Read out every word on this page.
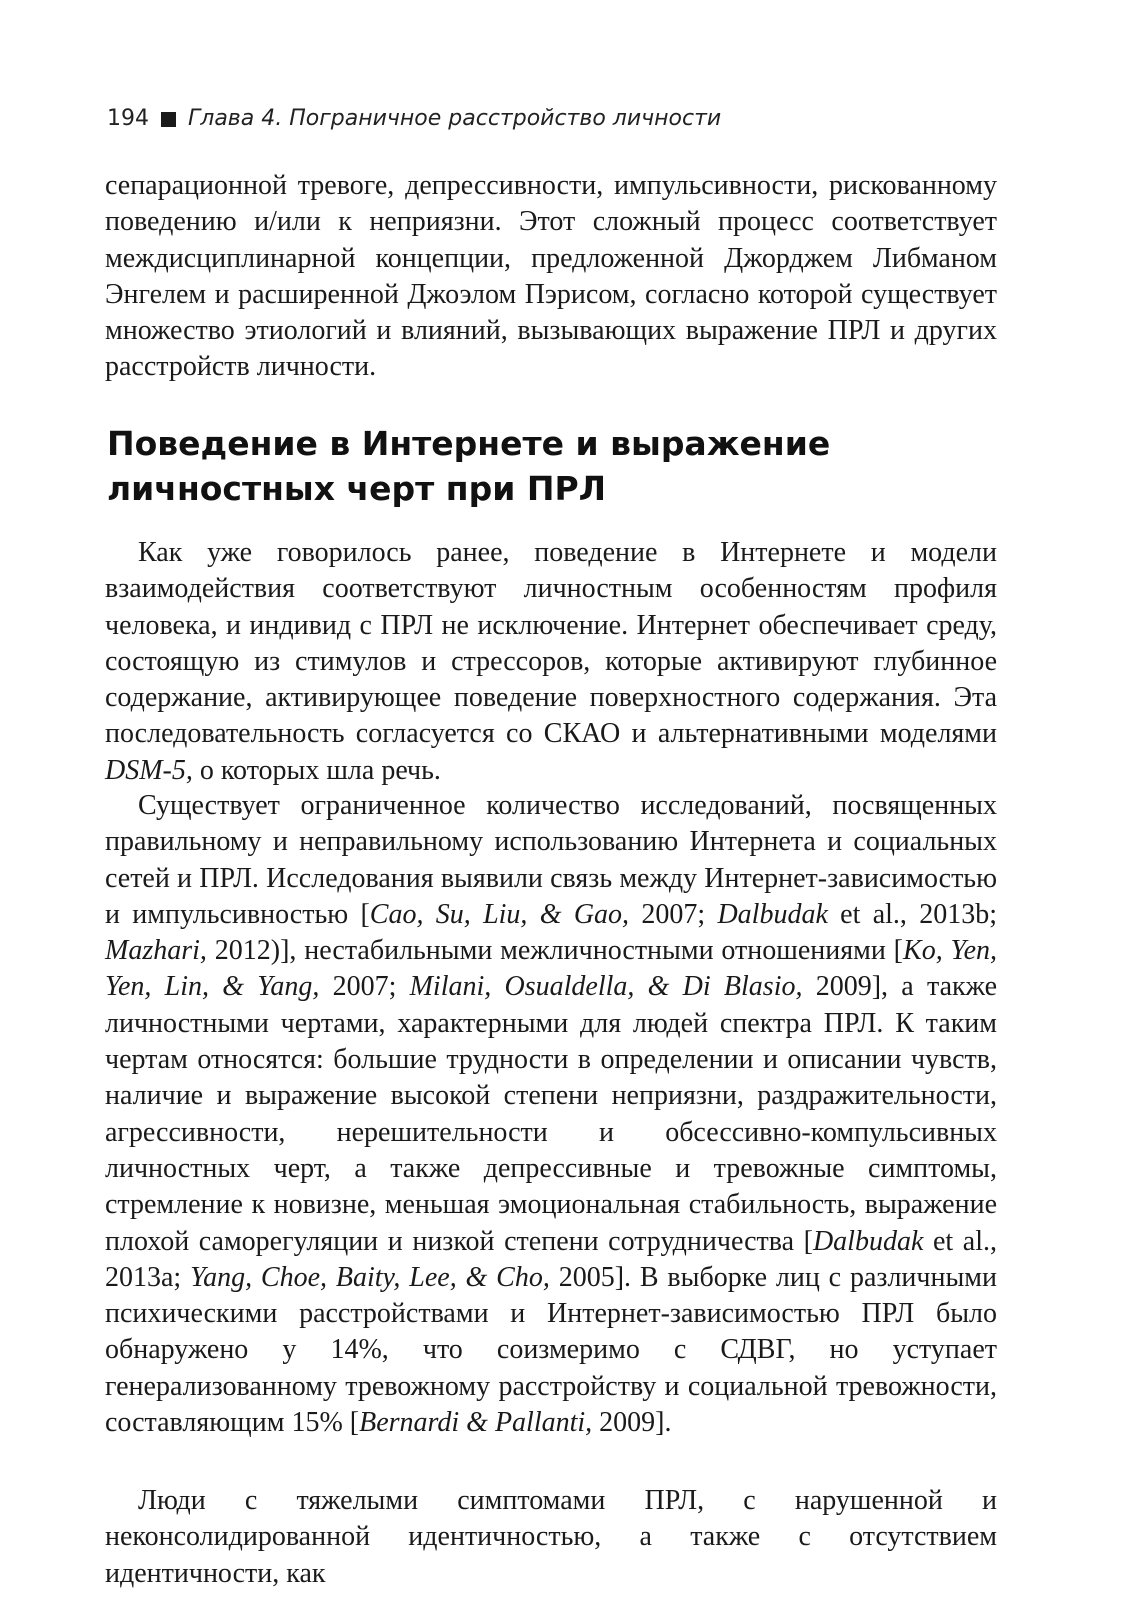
194 Глава 4. Пограничное расстройство личности

сепарационной тревоге, депрессивности, импульсивности, рискованному поведению и/или к неприязни. Этот сложный процесс соответствует междисциплинарной концепции, предложенной Джорджем Либманом Энгелем и расширенной Джоэлом Пэрисом, согласно которой существует множество этиологий и влияний, вызывающих выражение ПРЛ и других расстройств личности.

Поведение в Интернете и выражение личностных черт при ПРЛ

Как уже говорилось ранее, поведение в Интернете и модели взаимодействия соответствуют личностным особенностям профиля человека, и индивид с ПРЛ не исключение. Интернет обеспечивает среду, состоящую из стимулов и стрессоров, которые активируют глубинное содержание, активирующее поведение поверхностного содержания. Эта последовательность согласуется со СКАО и альтернативными моделями DSM-5, о которых шла речь.

Существует ограниченное количество исследований, посвященных правильному и неправильному использованию Интернета и социальных сетей и ПРЛ. Исследования выявили связь между Интернет-зависимостью и импульсивностью [Cao, Su, Liu, & Gao, 2007; Dalbudak et al., 2013b; Mazhari, 2012)], нестабильными межличностными отношениями [Ko, Yen, Yen, Lin, & Yang, 2007; Milani, Osualdella, & Di Blasio, 2009], а также личностными чертами, характерными для людей спектра ПРЛ. К таким чертам относятся: большие трудности в определении и описании чувств, наличие и выражение высокой степени неприязни, раздражительности, агрессивности, нерешительности и обсессивно-компульсивных личностных черт, а также депрессивные и тревожные симптомы, стремление к новизне, меньшая эмоциональная стабильность, выражение плохой саморегуляции и низкой степени сотрудничества [Dalbudak et al., 2013a; Yang, Choe, Baity, Lee, & Cho, 2005]. В выборке лиц с различными психическими расстройствами и Интернет-зависимостью ПРЛ было обнаружено у 14%, что соизмеримо с СДВГ, но уступает генерализованному тревожному расстройству и социальной тревожности, составляющим 15% [Bernardi & Pallanti, 2009].

Люди с тяжелыми симптомами ПРЛ, с нарушенной и неконсолидированной идентичностью, а также с отсутствием идентичности, как
